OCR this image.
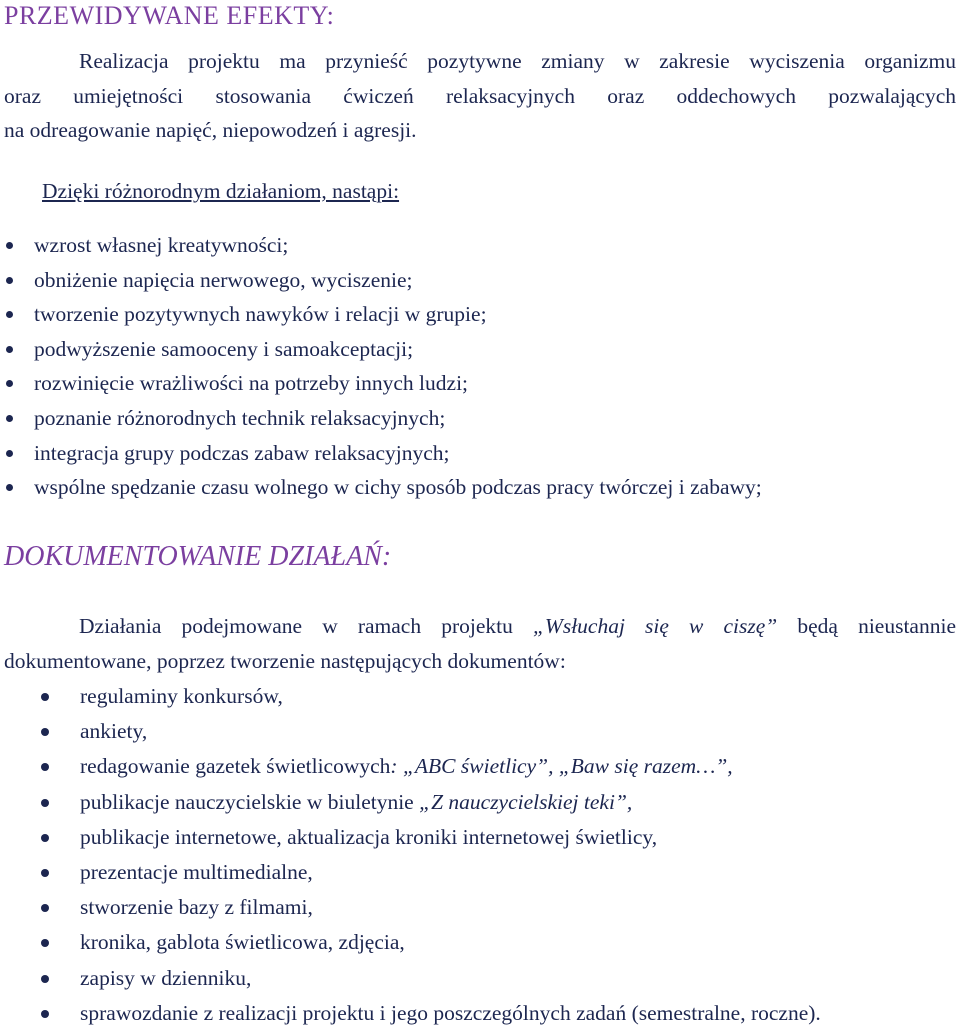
PRZEWIDYWANE EFEKTY:
Realizacja projektu ma przynieść pozytywne zmiany w zakresie wyciszenia organizmu
oraz umiejętności stosowania ćwiczeń relaksacyjnych oraz oddechowych pozwalających
na odreagowanie napięć, niepowodzeń i agresji.
Dzięki różnorodnym działaniom, nastąpi:
wzrost własnej kreatywności;
obniżenie napięcia nerwowego, wyciszenie;
tworzenie pozytywnych nawyków i relacji w grupie;
podwyższenie samooceny i samoakceptacji;
rozwinięcie wrażliwości na potrzeby innych ludzi;
poznanie różnorodnych technik relaksacyjnych;
integracja grupy podczas zabaw relaksacyjnych;
wspólne spędzanie czasu wolnego w cichy sposób podczas pracy twórczej i zabawy;
DOKUMENTOWANIE DZIAŁAŃ:
Działania podejmowane w ramach projektu „Wsłuchaj się w ciszę” będą nieustannie
dokumentowane, poprzez tworzenie następujących dokumentów:
regulaminy konkursów,
ankiety,
redagowanie gazetek świetlicowych: „ABC świetlicy”, „Baw się razem…”,
publikacje nauczycielskie w biuletynie „Z nauczycielskiej teki”,
publikacje internetowe, aktualizacja kroniki internetowej świetlicy,
prezentacje multimedialne,
stworzenie bazy z filmami,
kronika, gablota świetlicowa, zdjęcia,
zapisy w dzienniku,
sprawozdanie z realizacji projektu i jego poszczególnych zadań (semestralne, roczne).
